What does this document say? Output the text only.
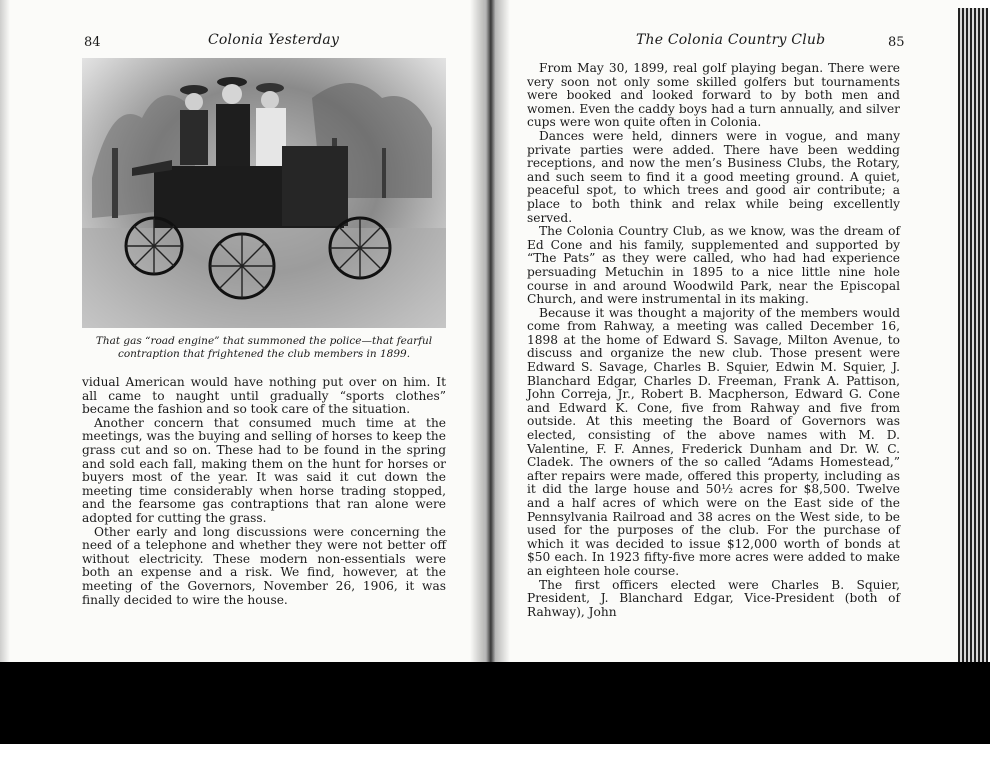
84	Colonia Yesterday
That gas “road engine” that summoned the police—that fearful contraption that frightened the club members in 1899.

vidual American would have nothing put over on him. It all came to naught until gradually “sports clothes” became the fashion and so took care of the situation.

Another concern that consumed much time at the meetings, was the buying and selling of horses to keep the grass cut and so on. These had to be found in the spring and sold each fall, making them on the hunt for horses or buyers most of the year. It was said it cut down the meeting time considerably when horse trading stopped, and the fearsome gas contraptions that ran alone were adopted for cutting the grass.

Other early and long discussions were concerning the need of a telephone and whether they were not better off without electricity. These modern non-essentials were both an expense and a risk. We find, however, at the meeting of the Governors, November 26, 1906, it was finally decided to wire the house.

The Colonia Country Club	85

From May 30, 1899, real golf playing began. There were very soon not only some skilled golfers but tournaments were booked and looked forward to by both men and women. Even the caddy boys had a turn annually, and silver cups were won quite often in Colonia.

Dances were held, dinners were in vogue, and many private parties were added. There have been wedding receptions, and now the men’s Business Clubs, the Rotary, and such seem to find it a good meeting ground. A quiet, peaceful spot, to which trees and good air contribute; a place to both think and relax while being excellently served.

The Colonia Country Club, as we know, was the dream of Ed Cone and his family, supplemented and supported by “The Pats” as they were called, who had had experience persuading Metuchin in 1895 to a nice little nine hole course in and around Woodwild Park, near the Episcopal Church, and were instrumental in its making.

Because it was thought a majority of the members would come from Rahway, a meeting was called December 16, 1898 at the home of Edward S. Savage, Milton Avenue, to discuss and organize the new club. Those present were Edward S. Savage, Charles B. Squier, Edwin M. Squier, J. Blanchard Edgar, Charles D. Freeman, Frank A. Pattison, John Correja, Jr., Robert B. Macpherson, Edward G. Cone and Edward K. Cone, five from Rahway and five from outside. At this meeting the Board of Governors was elected, consisting of the above names with M. D. Valentine, F. F. Annes, Frederick Dunham and Dr. W. C. Cladek. The owners of the so called “Adams Homestead,” after repairs were made, offered this property, including as it did the large house and 50½ acres for $8,500. Twelve and a half acres of which were on the East side of the Pennsylvania Railroad and 38 acres on the West side, to be used for the purposes of the club. For the purchase of which it was decided to issue $12,000 worth of bonds at $50 each. In 1923 fifty-five more acres were added to make an eighteen hole course.

The first officers elected were Charles B. Squier, President, J. Blanchard Edgar, Vice-President (both of Rahway), John
